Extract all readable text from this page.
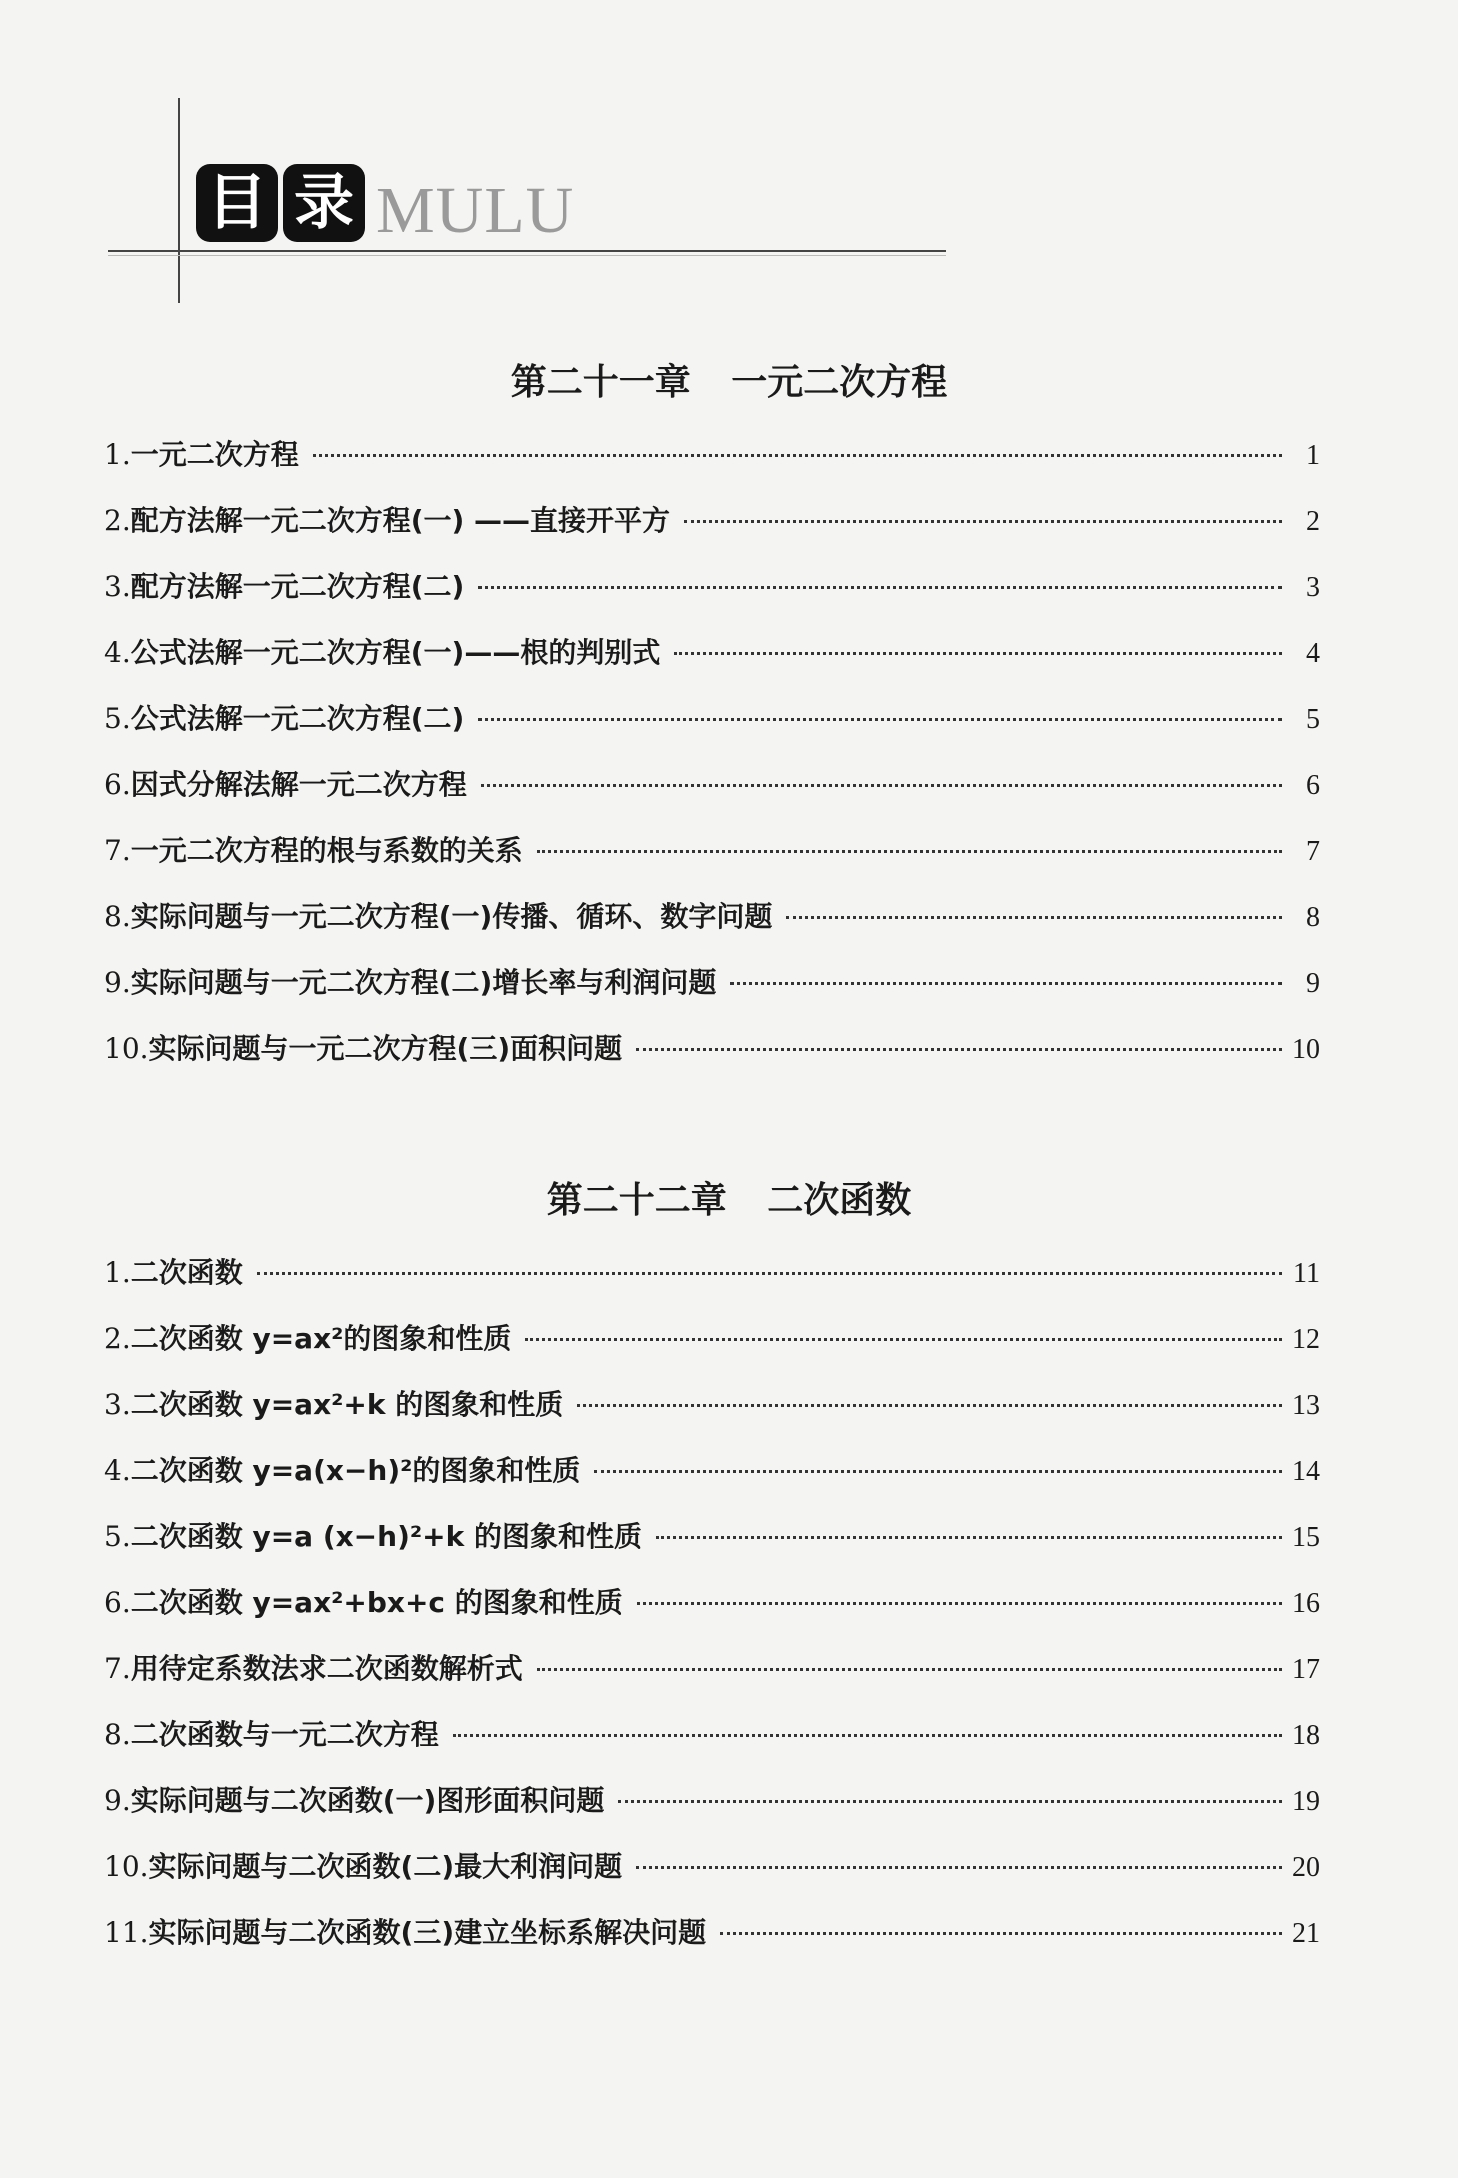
目 录 MULU
第二十一章 一元二次方程
1.一元二次方程	1
2.配方法解一元二次方程(一) ——直接开平方	2
3.配方法解一元二次方程(二)	3
4.公式法解一元二次方程(一)——根的判别式	4
5.公式法解一元二次方程(二)	5
6.因式分解法解一元二次方程	6
7.一元二次方程的根与系数的关系	7
8.实际问题与一元二次方程(一)传播、循环、数字问题	8
9.实际问题与一元二次方程(二)增长率与利润问题	9
10.实际问题与一元二次方程(三)面积问题	10
第二十二章 二次函数
1.二次函数	11
2.二次函数 y=ax²的图象和性质	12
3.二次函数 y=ax²+k 的图象和性质	13
4.二次函数 y=a(x−h)²的图象和性质	14
5.二次函数 y=a (x−h)²+k 的图象和性质	15
6.二次函数 y=ax²+bx+c 的图象和性质	16
7.用待定系数法求二次函数解析式	17
8.二次函数与一元二次方程	18
9.实际问题与二次函数(一)图形面积问题	19
10.实际问题与二次函数(二)最大利润问题	20
11.实际问题与二次函数(三)建立坐标系解决问题	21
